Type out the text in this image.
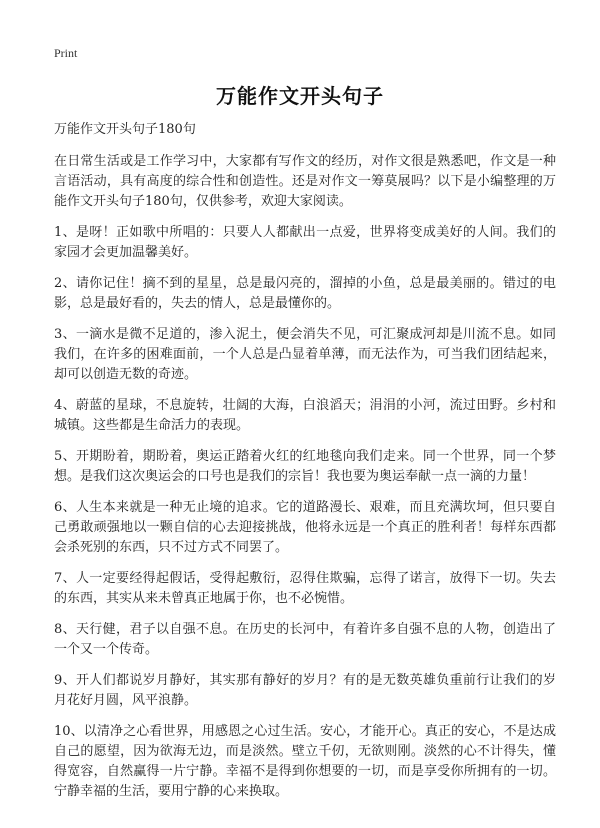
Print
万能作文开头句子

万能作文开头句子180句

在日常生活或是工作学习中，大家都有写作文的经历，对作文很是熟悉吧，作文是一种言语活动，具有高度的综合性和创造性。还是对作文一筹莫展吗？以下是小编整理的万能作文开头句子180句，仅供参考，欢迎大家阅读。

1、是呀！正如歌中所唱的：只要人人都献出一点爱，世界将变成美好的人间。我们的家园才会更加温馨美好。

2、请你记住！摘不到的星星，总是最闪亮的，溜掉的小鱼，总是最美丽的。错过的电影，总是最好看的，失去的情人，总是最懂你的。

3、一滴水是微不足道的，渗入泥土，便会消失不见，可汇聚成河却是川流不息。如同我们，在许多的困难面前，一个人总是凸显着单薄，而无法作为，可当我们团结起来，却可以创造无数的奇迹。

4、蔚蓝的星球，不息旋转，壮阔的大海，白浪滔天；涓涓的小河，流过田野。乡村和城镇。这些都是生命活力的表现。

5、开期盼着，期盼着，奥运正踏着火红的红地毯向我们走来。同一个世界，同一个梦想。是我们这次奥运会的口号也是我们的宗旨！我也要为奥运奉献一点一滴的力量！

6、人生本来就是一种无止境的追求。它的道路漫长、艰难，而且充满坎坷，但只要自己勇敢顽强地以一颗自信的心去迎接挑战，他将永远是一个真正的胜利者！每样东西都会杀死别的东西，只不过方式不同罢了。

7、人一定要经得起假话，受得起敷衍，忍得住欺骗，忘得了诺言，放得下一切。失去的东西，其实从来未曾真正地属于你，也不必惋惜。

8、天行健，君子以自强不息。在历史的长河中，有着许多自强不息的人物，创造出了一个又一个传奇。

9、开人们都说岁月静好，其实那有静好的岁月？有的是无数英雄负重前行让我们的岁月花好月圆，风平浪静。

10、以清净之心看世界，用感恩之心过生活。安心，才能开心。真正的安心，不是达成自己的愿望，因为欲海无边，而是淡然。壁立千仞，无欲则刚。淡然的心不计得失，懂得宽容，自然赢得一片宁静。幸福不是得到你想要的一切，而是享受你所拥有的一切。宁静幸福的生活，要用宁静的心来换取。
